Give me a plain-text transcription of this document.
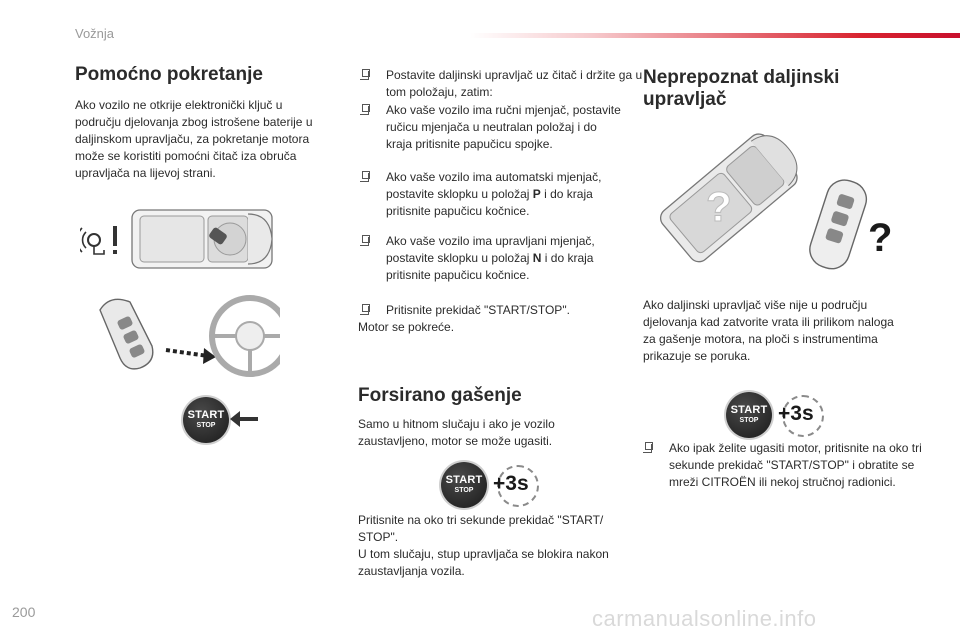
Vožnja
Pomoćno pokretanje
Ako vozilo ne otkrije elektronički ključ u području djelovanja zbog istrošene baterije u daljinskom upravljaču, za pokretanje motora može se koristiti pomoćni čitač iza obruča upravljača na lijevoj strani.
START
STOP
Postavite daljinski upravljač uz čitač i držite ga u tom položaju, zatim:
Ako vaše vozilo ima ručni mjenjač, postavite ručicu mjenjača u neutralan položaj i do kraja pritisnite papučicu spojke.
Ako vaše vozilo ima automatski mjenjač, postavite sklopku u položaj P i do kraja pritisnite papučicu kočnice.
Ako vaše vozilo ima upravljani mjenjač, postavite sklopku u položaj N i do kraja pritisnite papučicu kočnice.
Pritisnite prekidač "START/STOP".
Motor se pokreće.
Forsirano gašenje
Samo u hitnom slučaju i ako je vozilo zaustavljeno, motor se može ugasiti.
START
STOP +3s
Pritisnite na oko tri sekunde prekidač "START/ STOP".
U tom slučaju, stup upravljača se blokira nakon zaustavljanja vozila.
Neprepoznat daljinski upravljač
?
?
Ako daljinski upravljač više nije u području djelovanja kad zatvorite vrata ili prilikom naloga za gašenje motora, na ploči s instrumentima prikazuje se poruka.
START
STOP +3s
Ako ipak želite ugasiti motor, pritisnite na oko tri sekunde prekidač "START/STOP" i obratite se mreži CITROËN ili nekoj stručnoj radionici.
200	carmanualsonline.info
